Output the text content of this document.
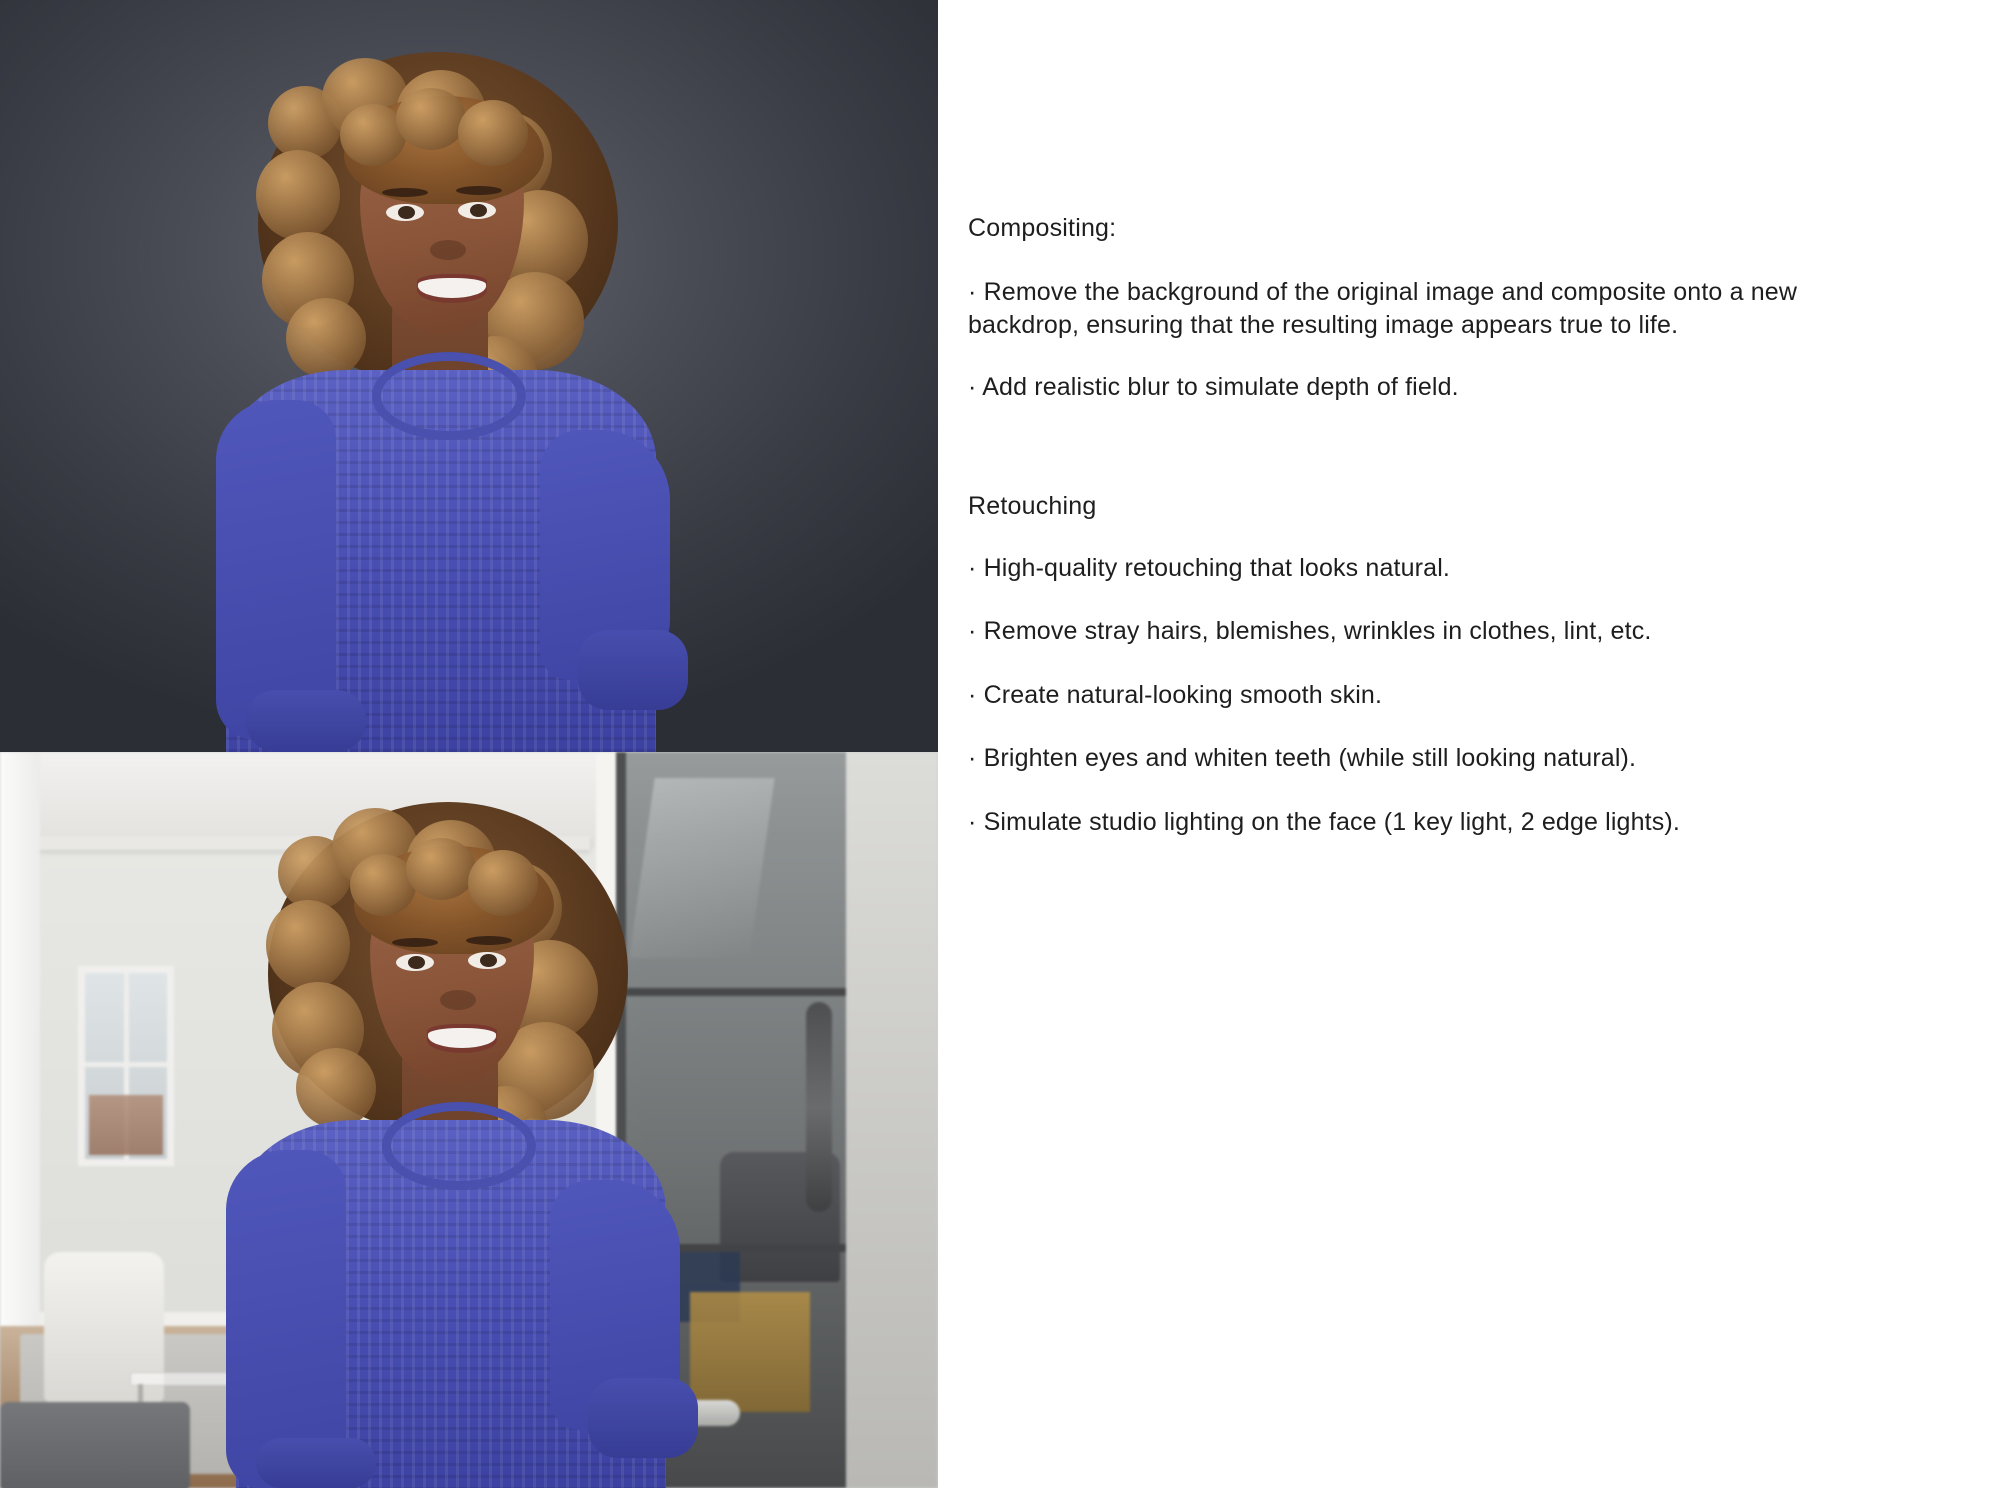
Compositing:

· Remove the background of the original image and composite onto a new backdrop, ensuring that the resulting image appears true to life.

· Add realistic blur to simulate depth of field.

Retouching

· High-quality retouching that looks natural.

· Remove stray hairs, blemishes, wrinkles in clothes, lint, etc.

· Create natural-looking smooth skin.

· Brighten eyes and whiten teeth (while still looking natural).

· Simulate studio lighting on the face (1 key light, 2 edge lights).
